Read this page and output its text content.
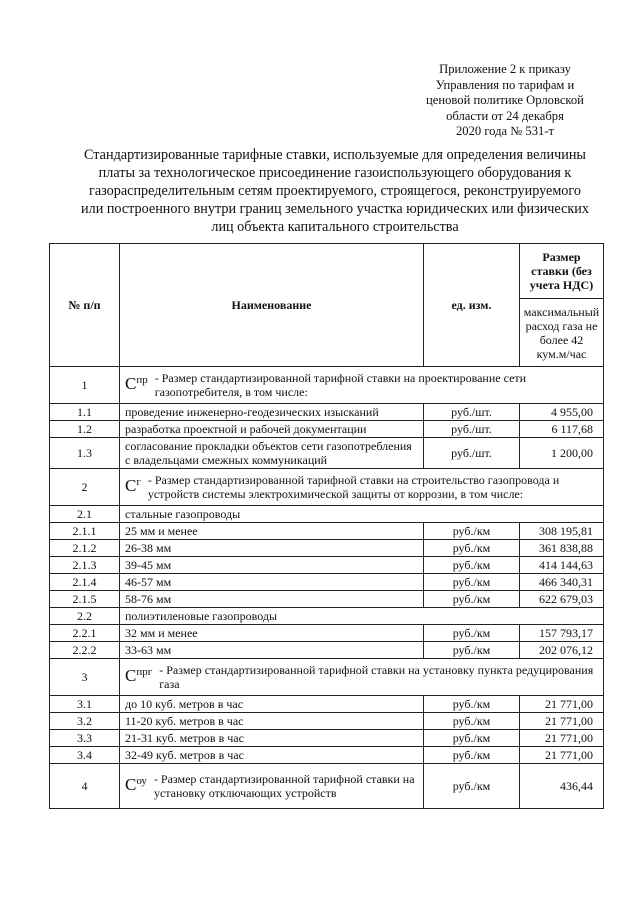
Приложение 2 к приказу
Управления по тарифам и
ценовой политике Орловской
области от 24 декабря
2020 года № 531-т
Стандартизированные тарифные ставки, используемые для определения величины
платы за технологическое присоединение газоиспользующего оборудования к
газораспределительным сетям проектируемого, строящегося, реконструируемого
или построенного внутри границ земельного участка юридических или физических
лиц объекта капитального строительства
№ п/п	Наименование	ед. изм.	Размер ставки (без учета НДС)
			максимальный расход газа не более 42 кум.м/час
1	$С^{пр}$ - Размер стандартизированной тарифной ставки на проектирование сети газопотребителя, в том числе:		

1.1	проведение инженерно-геодезических изысканий	руб./шт.	4 955,00
1.2	разработка проектной и рабочей документации	руб./шт.	6 117,68
1.3	согласование прокладки объектов сети газопотребления с владельцами смежных коммуникаций	руб./шт.	1 200,00
2	$С^г$ - Размер стандартизированной тарифной ставки на строительство газопровода и устройств системы электрохимической защиты от коррозии, в том числе:		

2.1	стальные газопроводы		
2.1.1	25 мм и менее	руб./км	308 195,81
2.1.2	26-38 мм	руб./км	361 838,88
2.1.3	39-45 мм	руб./км	414 144,63
2.1.4	46-57 мм	руб./км	466 340,31
2.1.5	58-76 мм	руб./км	622 679,03
2.2	полиэтиленовые газопроводы		
2.2.1	32 мм и менее	руб./км	157 793,17
2.2.2	33-63 мм	руб./км	202 076,12
3	$С^{прг}$ - Размер стандартизированной тарифной ставки на установку пункта редуцирования газа		

3.1	до 10 куб. метров в час	руб./км	21 771,00
3.2	11-20 куб. метров в час	руб./км	21 771,00
3.3	21-31 куб. метров в час	руб./км	21 771,00
3.4	32-49 куб. метров в час	руб./км	21 771,00
4	$С^{оу}$ - Размер стандартизированной тарифной ставки на установку отключающих устройств	руб./км	436,44
